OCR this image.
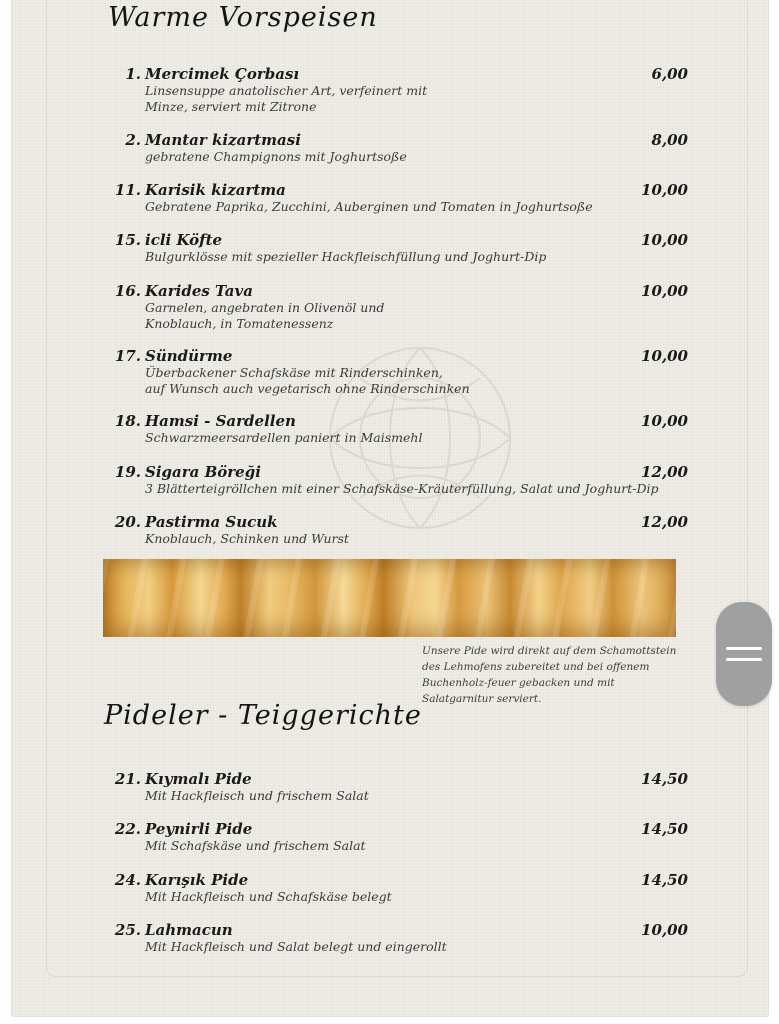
Warme Vorspeisen
1. Mercimek Çorbası	6,00
Linsensuppe anatolischer Art, verfeinert mit
Minze, serviert mit Zitrone
2. Mantar kizartmasi	8,00
gebratene Champignons mit Joghurtsoße
11. Karisik kizartma	10,00
Gebratene Paprika, Zucchini, Auberginen und Tomaten in Joghurtsoße
15. icli Köfte	10,00
Bulgurklösse mit spezieller Hackfleischfüllung und Joghurt-Dip
16. Karides Tava	10,00
Garnelen, angebraten in Olivenöl und
Knoblauch, in Tomatenessenz
17. Sündürme	10,00
Überbackener Schafskäse mit Rinderschinken,
auf Wunsch auch vegetarisch ohne Rinderschinken
18. Hamsi - Sardellen	10,00
Schwarzmeersardellen paniert in Maismehl
19. Sigara Böreği	12,00
3 Blätterteigröllchen mit einer Schafskäse-Kräuterfüllung, Salat und Joghurt-Dip
20. Pastirma Sucuk	12,00
Knoblauch, Schinken und Wurst
Unsere Pide wird direkt auf dem Schamottstein des Lehmofens zubereitet und bei offenem Buchenholz-feuer gebacken und mit Salatgarnitur serviert.
Pideler - Teiggerichte
21. Kıymalı Pide	14,50
Mit Hackfleisch und frischem Salat
22. Peynirli Pide	14,50
Mit Schafskäse und frischem Salat
24. Karışık Pide	14,50
Mit Hackfleisch und Schafskäse belegt
25. Lahmacun	10,00
Mit Hackfleisch und Salat belegt und eingerollt
